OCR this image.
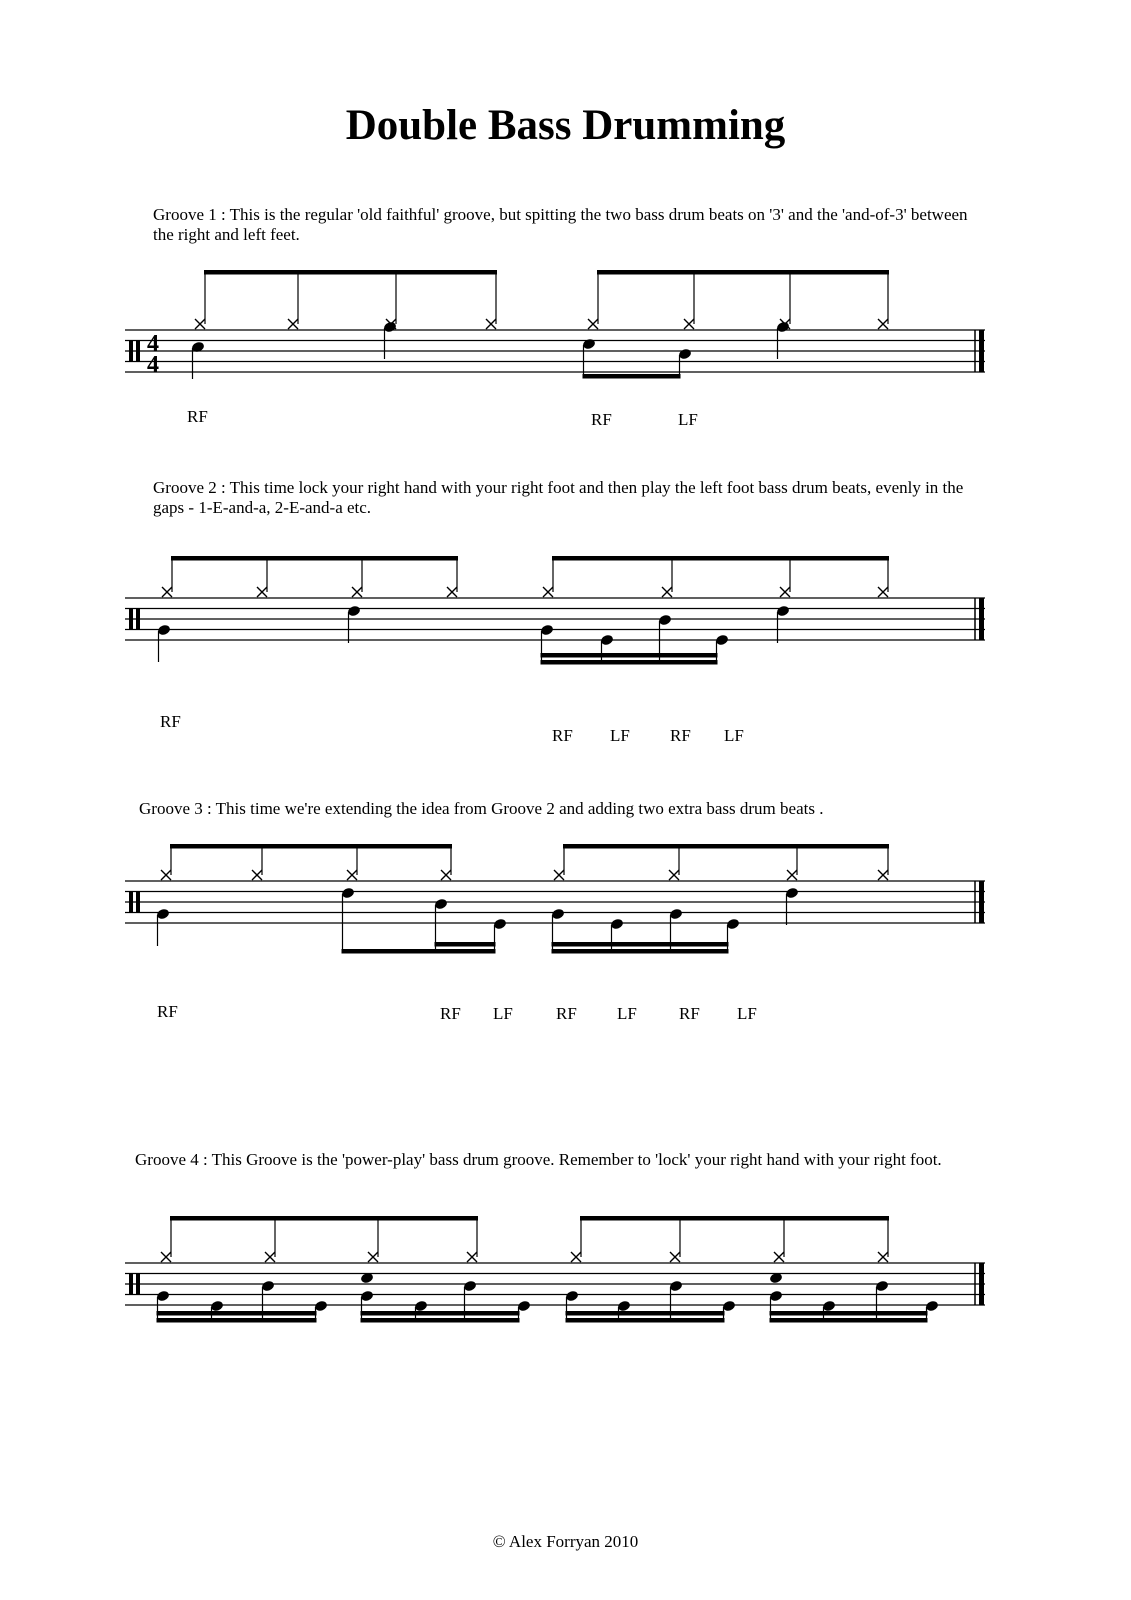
Double Bass Drumming

Groove 1 : This is the regular 'old faithful' groove, but spitting the two bass drum beats on '3' and the 'and-of-3' between the right and left feet.

4
4
RF	RF	LF

Groove 2 : This time lock your right hand with your right foot and then play the left foot bass drum beats, evenly in the gaps - 1-E-and-a, 2-E-and-a etc.

RF
RF LF RF LF

Groove 3 : This time we're extending the idea from Groove 2 and adding two extra bass drum beats .

RF	RF LF	RF LF RF LF

Groove 4 : This Groove is the 'power-play' bass drum groove. Remember to 'lock' your right hand with your right foot.

© Alex Forryan 2010
